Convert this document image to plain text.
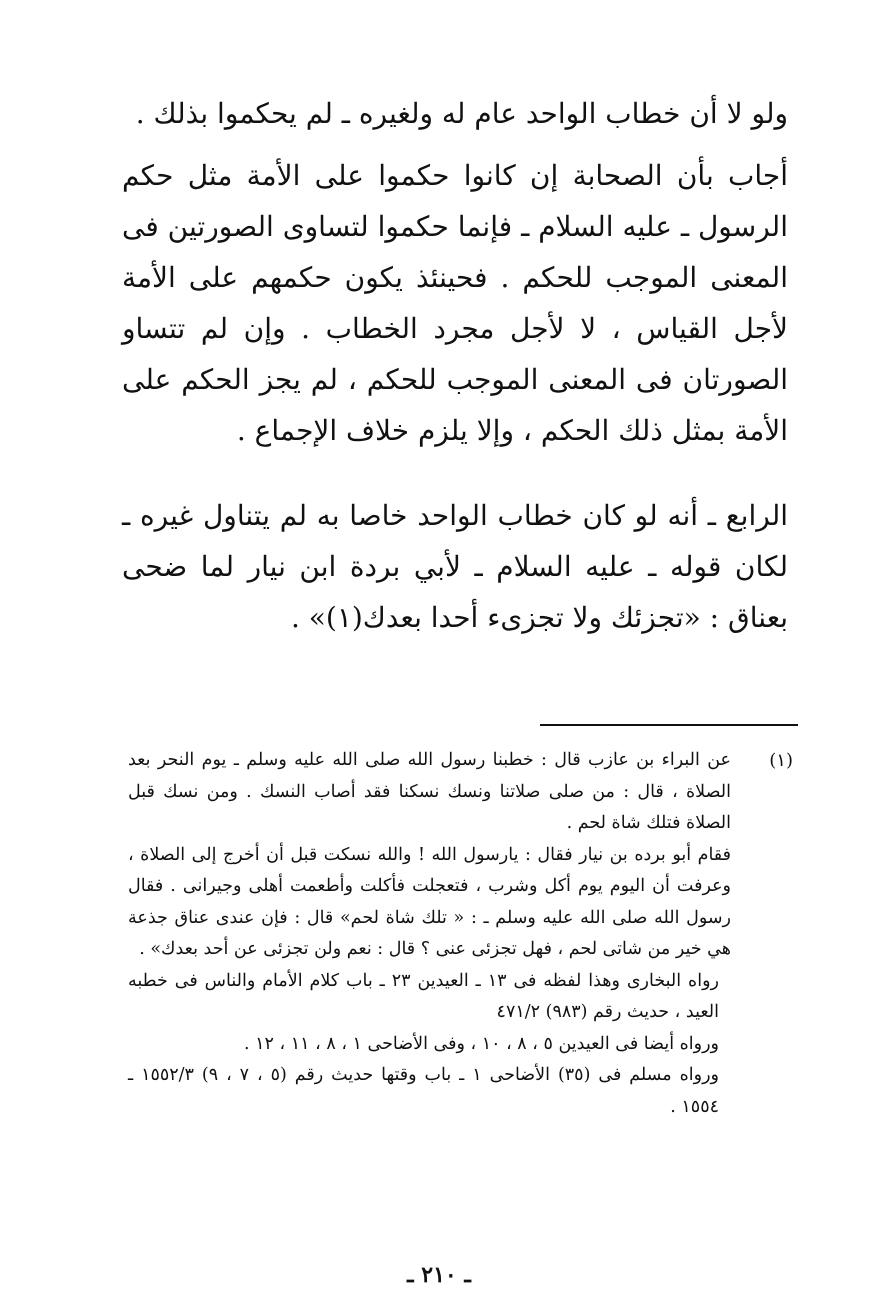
ولو لا أن خطاب الواحد عام له ولغيره ـ لم يحكموا بذلك .

أجاب بأن الصحابة إن كانوا حكموا على الأمة مثل حكم الرسول ـ عليه السلام ـ فإنما حكموا لتساوى الصورتين فى المعنى الموجب للحكم . فحينئذ يكون حكمهم على الأمة لأجل القياس ، لا لأجل مجرد الخطاب . وإن لم تتساو الصورتان فى المعنى الموجب للحكم ، لم يجز الحكم على الأمة بمثل ذلك الحكم ، وإلا يلزم خلاف الإجماع .

الرابع ـ أنه لو كان خطاب الواحد خاصا به لم يتناول غيره ـ لكان قوله ـ عليه السلام ـ لأبي بردة ابن نيار لما ضحى بعناق : «تجزئك ولا تجزىء أحدا بعدك(١)» .

(١)

عن البراء بن عازب قال : خطبنا رسول الله صلى الله عليه وسلم ـ يوم النحر بعد الصلاة ، قال : من صلى صلاتنا ونسك نسكنا فقد أصاب النسك . ومن نسك قبل الصلاة فتلك شاة لحم .

فقام أبو برده بن نيار فقال : يارسول الله ! والله نسكت قبل أن أخرج إلى الصلاة ، وعرفت أن اليوم يوم أكل وشرب ، فتعجلت فأكلت وأطعمت أهلى وجيرانى . فقال رسول الله صلى الله عليه وسلم ـ : « تلك شاة لحم» قال : فإن عندى عناق جذعة هي خير من شاتى لحم ، فهل تجزئى عنى ؟ قال : نعم ولن تجزئى عن أحد بعدك» .

رواه البخارى وهذا لفظه فى ١٣ ـ العيدين ٢٣ ـ باب كلام الأمام والناس فى خطبه العيد ، حديث رقم (٩٨٣) ٤٧١/٢

ورواه أيضا فى العيدين ٥ ، ٨ ، ١٠ ، وفى الأضاحى ١ ، ٨ ، ١١ ، ١٢ .

ورواه مسلم فى (٣٥) الأضاحى ١ ـ باب وقتها حديث رقم (٥ ، ٧ ، ٩) ١٥٥٢/٣ ـ ١٥٥٤ .

ـ ٢١٠ ـ
